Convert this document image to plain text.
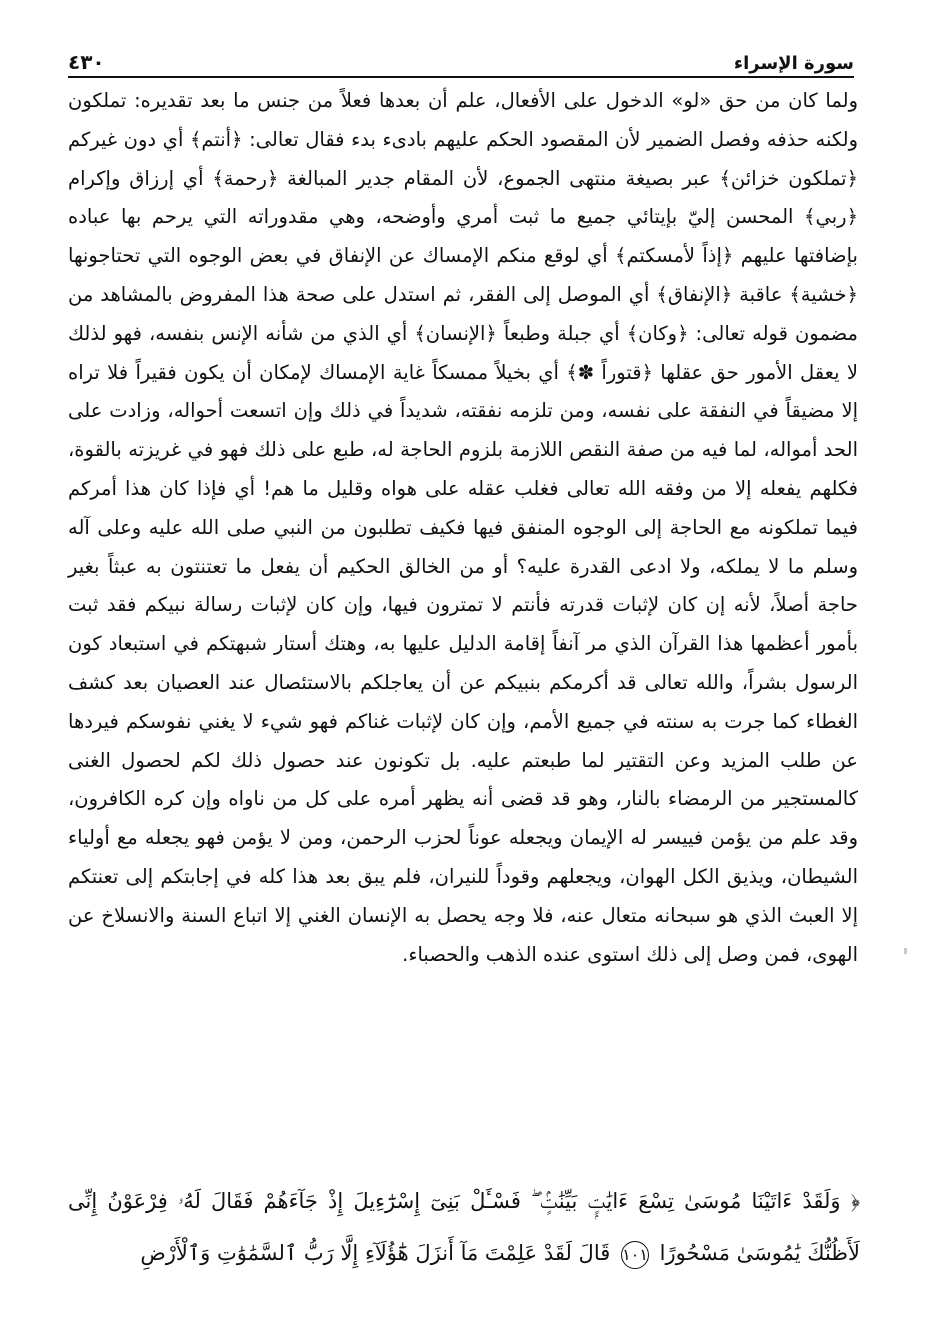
٤٣٠	سورة الإسراء

ولما كان من حق «لو» الدخول على الأفعال، علم أن بعدها فعلاً من جنس ما بعد تقديره: تملكون ولكنه حذفه وفصل الضمير لأن المقصود الحكم عليهم بادىء بدء فقال تعالى: ﴿أنتم﴾ أي دون غيركم ﴿تملكون خزائن﴾ عبر بصيغة منتهى الجموع، لأن المقام جدير المبالغة ﴿رحمة﴾ أي إرزاق وإكرام ﴿ربي﴾ المحسن إليّ بإيتائي جميع ما ثبت أمري وأوضحه، وهي مقدوراته التي يرحم بها عباده بإضافتها عليهم ﴿إذاً لأمسكتم﴾ أي لوقع منكم الإمساك عن الإنفاق في بعض الوجوه التي تحتاجونها ﴿خشية﴾ عاقبة ﴿الإنفاق﴾ أي الموصل إلى الفقر، ثم استدل على صحة هذا المفروض بالمشاهد من مضمون قوله تعالى: ﴿وكان﴾ أي جبلة وطبعاً ﴿الإنسان﴾ أي الذي من شأنه الإنس بنفسه، فهو لذلك لا يعقل الأمور حق عقلها ﴿قتوراً ✽﴾ أي بخيلاً ممسكاً غاية الإمساك لإمكان أن يكون فقيراً فلا تراه إلا مضيقاً في النفقة على نفسه، ومن تلزمه نفقته، شديداً في ذلك وإن اتسعت أحواله، وزادت على الحد أمواله، لما فيه من صفة النقص اللازمة بلزوم الحاجة له، طبع على ذلك فهو في غريزته بالقوة، فكلهم يفعله إلا من وفقه الله تعالى فغلب عقله على هواه وقليل ما هم! أي فإذا كان هذا أمركم فيما تملكونه مع الحاجة إلى الوجوه المنفق فيها فكيف تطلبون من النبي صلى الله عليه وعلى آله وسلم ما لا يملكه، ولا ادعى القدرة عليه؟ أو من الخالق الحكيم أن يفعل ما تعتنتون به عبثاً بغير حاجة أصلاً، لأنه إن كان لإثبات قدرته فأنتم لا تمترون فيها، وإن كان لإثبات رسالة نبيكم فقد ثبت بأمور أعظمها هذا القرآن الذي مر آنفاً إقامة الدليل عليها به، وهتك أستار شبهتكم في استبعاد كون الرسول بشراً، والله تعالى قد أكرمكم بنبيكم عن أن يعاجلكم بالاستئصال عند العصيان بعد كشف الغطاء كما جرت به سنته في جميع الأمم، وإن كان لإثبات غناكم فهو شيء لا يغني نفوسكم فيردها عن طلب المزيد وعن التقتير لما طبعتم عليه. بل تكونون عند حصول ذلك لكم لحصول الغنى كالمستجير من الرمضاء بالنار، وهو قد قضى أنه يظهر أمره على كل من ناواه وإن كره الكافرون، وقد علم من يؤمن فييسر له الإيمان ويجعله عوناً لحزب الرحمن، ومن لا يؤمن فهو يجعله مع أولياء الشيطان، ويذيق الكل الهوان، ويجعلهم وقوداً للنيران، فلم يبق بعد هذا كله في إجابتكم إلى تعنتكم إلا العبث الذي هو سبحانه متعال عنه، فلا وجه يحصل به الإنسان الغني إلا اتباع السنة والانسلاخ عن الهوى، فمن وصل إلى ذلك استوى عنده الذهب والحصباء.

﴿ وَلَقَدْ ءَاتَيْنَا مُوسَىٰ تِسْعَ ءَايَٰتٍۭ بَيِّنَٰتٍۢ ۖ فَسْـَٔلْ بَنِىٓ إِسْرَٰٓءِيلَ إِذْ جَآءَهُمْ فَقَالَ لَهُۥ فِرْعَوْنُ إِنِّى لَأَظُنُّكَ يَٰمُوسَىٰ مَسْحُورًا ١٠١ قَالَ لَقَدْ عَلِمْتَ مَآ أَنزَلَ هَٰٓؤُلَآءِ إِلَّا رَبُّ ٱلسَّمَٰوَٰتِ وَٱلْأَرْضِ
